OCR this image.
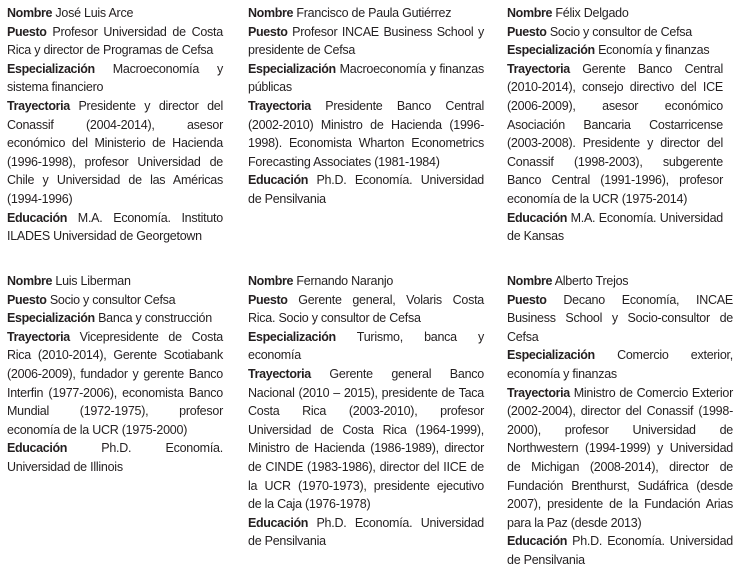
Nombre José Luis Arce

Puesto Profesor Universidad de Costa Rica y director de Programas de Cefsa

Especialización Macroeconomía y sistema financiero

Trayectoria Presidente y director del Conassif (2004-2014), asesor económico del Ministerio de Hacienda (1996-1998), profesor Universidad de Chile y Universidad de las Américas (1994-1996)

Educación M.A. Economía. Instituto ILADES Universidad de Georgetown

Nombre Francisco de Paula Gutiérrez

Puesto Profesor INCAE Business School y presidente de Cefsa

Especialización Macroeconomía y finanzas públicas

Trayectoria Presidente Banco Central (2002-2010) Ministro de Hacienda (1996-1998). Economista Wharton Econometrics Forecasting Associates (1981-1984)

Educación Ph.D. Economía. Universidad de Pensilvania

Nombre Félix Delgado

Puesto Socio y consultor de Cefsa

Especialización Economía y finanzas

Trayectoria Gerente Banco Central (2010-2014), consejo directivo del ICE (2006-2009), asesor económico Asociación Bancaria Costarricense (2003-2008). Presidente y director del Conassif (1998-2003), subgerente Banco Central (1991-1996), profesor economía de la UCR (1975-2014)

Educación M.A. Economía. Universidad de Kansas

Nombre Luis Liberman

Puesto Socio y consultor Cefsa

Especialización Banca y construcción

Trayectoria Vicepresidente de Costa Rica (2010-2014), Gerente Scotiabank (2006-2009), fundador y gerente Banco Interfin (1977-2006), economista Banco Mundial (1972-1975), profesor economía de la UCR (1975-2000)

Educación	Ph.D. Economía. Universidad de Illinois

Nombre Fernando Naranjo

Puesto Gerente general, Volaris Costa Rica. Socio y consultor de Cefsa

Especialización Turismo, banca y economía

Trayectoria Gerente general Banco Nacional (2010 – 2015), presidente de Taca Costa Rica (2003-2010), profesor Universidad de Costa Rica (1964-1999), Ministro de Hacienda (1986-1989), director de CINDE (1983-1986), director del IICE de la UCR (1970-1973), presidente ejecutivo de la Caja (1976-1978)

Educación Ph.D. Economía. Universidad de Pensilvania

Nombre Alberto Trejos

Puesto Decano Economía, INCAE Business School y Socio-consultor de Cefsa

Especialización Comercio exterior, economía y finanzas

Trayectoria Ministro de Comercio Exterior (2002-2004), director del Conassif (1998-2000), profesor Universidad de Northwestern (1994-1999) y Universidad de Michigan (2008-2014), director de Fundación Brenthurst, Sudáfrica (desde 2007), presidente de la Fundación Arias para la Paz (desde 2013)

Educación Ph.D. Economía. Universidad de Pensilvania
